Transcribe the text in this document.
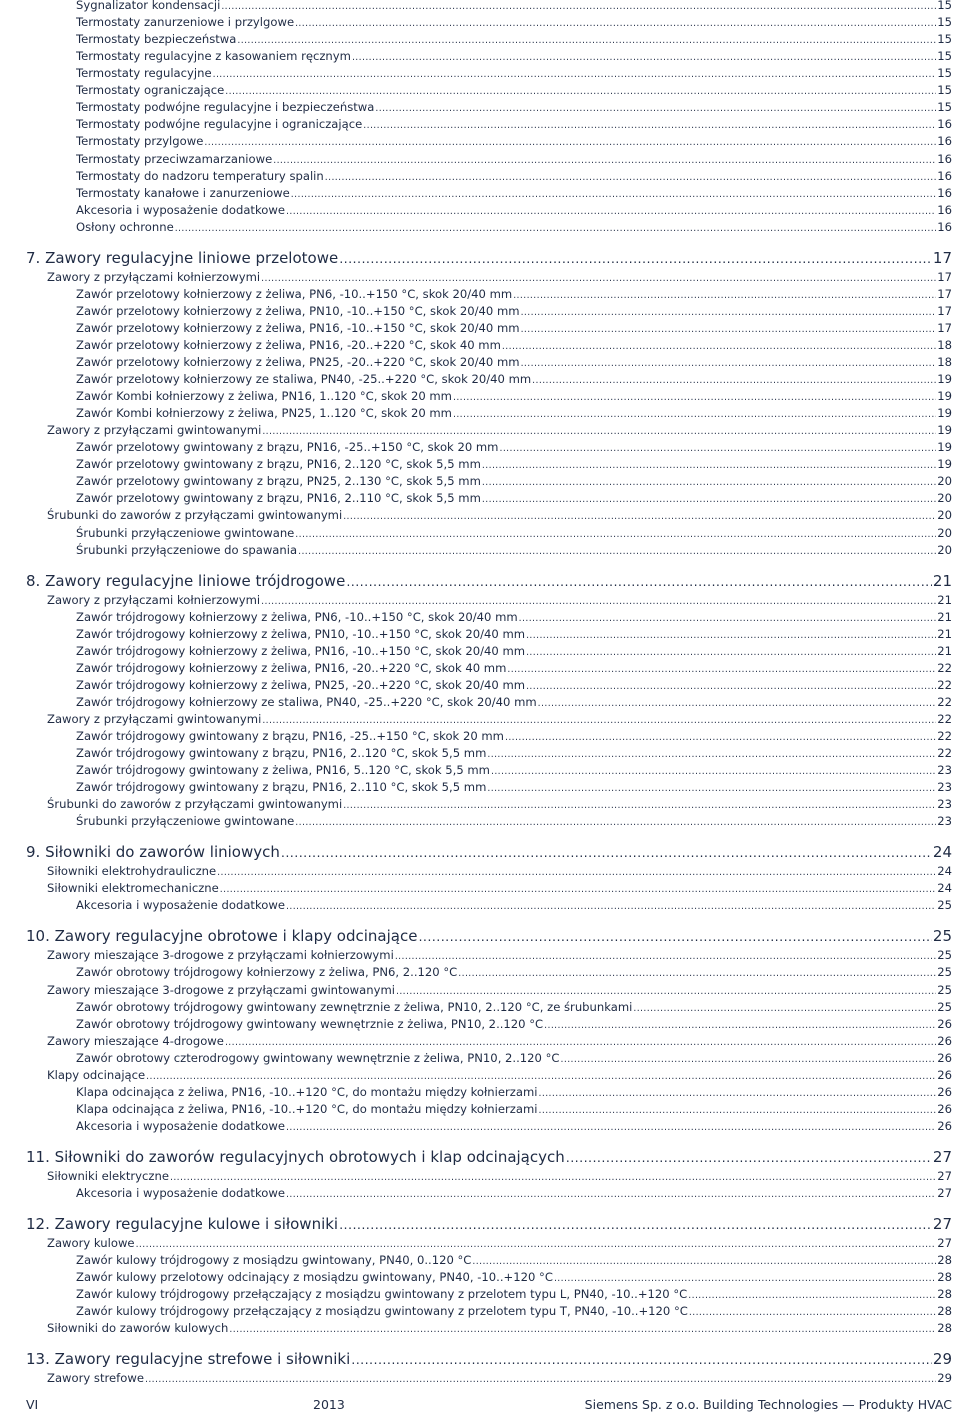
Sygnalizator kondensacji .....	15
Termostaty zanurzeniowe i przylgowe .....	15
Termostaty bezpieczeństwa .....	15
Termostaty regulacyjne z kasowaniem ręcznym .....	15
Termostaty regulacyjne .....	15
Termostaty ograniczające .....	15
Termostaty podwójne regulacyjne i bezpieczeństwa .....	15
Termostaty podwójne regulacyjne i ograniczające .....	16
Termostaty przylgowe .....	16
Termostaty przeciwzamarzaniowe .....	16
Termostaty do nadzoru temperatury spalin .....	16
Termostaty kanałowe i zanurzeniowe .....	16
Akcesoria i wyposażenie dodatkowe .....	16
Osłony ochronne .....	16
7. Zawory regulacyjne liniowe przelotowe .....	17
Zawory z przyłączami kołnierzowymi .....	17
Zawór przelotowy kołnierzowy z żeliwa, PN6, -10..+150 °C, skok 20/40 mm .....	17
Zawór przelotowy kołnierzowy z żeliwa, PN10, -10..+150 °C, skok 20/40 mm .....	17
Zawór przelotowy kołnierzowy z żeliwa, PN16, -10..+150 °C, skok 20/40 mm .....	17
Zawór przelotowy kołnierzowy z żeliwa, PN16, -20..+220 °C, skok 40 mm .....	18
Zawór przelotowy kołnierzowy z żeliwa, PN25, -20..+220 °C, skok 20/40 mm .....	18
Zawór przelotowy kołnierzowy ze staliwa, PN40, -25..+220 °C, skok 20/40 mm .....	19
Zawór Kombi kołnierzowy z żeliwa, PN16, 1..120 °C, skok 20 mm .....	19
Zawór Kombi kołnierzowy z żeliwa, PN25, 1..120 °C, skok 20 mm .....	19
Zawory z przyłączami gwintowanymi .....	19
Zawór przelotowy gwintowany z brązu, PN16, -25..+150 °C, skok 20 mm .....	19
Zawór przelotowy gwintowany z brązu, PN16, 2..120 °C, skok 5,5 mm .....	19
Zawór przelotowy gwintowany z brązu, PN25, 2..130 °C, skok 5,5 mm .....	20
Zawór przelotowy gwintowany z brązu, PN16, 2..110 °C, skok 5,5 mm .....	20
Śrubunki do zaworów z przyłączami gwintowanymi .....	20
Śrubunki przyłączeniowe gwintowane .....	20
Śrubunki przyłączeniowe do spawania .....	20
8. Zawory regulacyjne liniowe trójdrogowe .....	21
Zawory z przyłączami kołnierzowymi .....	21
Zawór trójdrogowy kołnierzowy z żeliwa, PN6, -10..+150 °C, skok 20/40 mm .....	21
Zawór trójdrogowy kołnierzowy z żeliwa, PN10, -10..+150 °C, skok 20/40 mm .....	21
Zawór trójdrogowy kołnierzowy z żeliwa, PN16, -10..+150 °C, skok 20/40 mm .....	21
Zawór trójdrogowy kołnierzowy z żeliwa, PN16, -20..+220 °C, skok 40 mm .....	22
Zawór trójdrogowy kołnierzowy z żeliwa, PN25, -20..+220 °C, skok 20/40 mm .....	22
Zawór trójdrogowy kołnierzowy ze staliwa, PN40, -25..+220 °C, skok 20/40 mm .....	22
Zawory z przyłączami gwintowanymi .....	22
Zawór trójdrogowy gwintowany z brązu, PN16, -25..+150 °C, skok 20 mm .....	22
Zawór trójdrogowy gwintowany z brązu, PN16, 2..120 °C, skok 5,5 mm .....	22
Zawór trójdrogowy gwintowany z żeliwa, PN16, 5..120 °C, skok 5,5 mm .....	23
Zawór trójdrogowy gwintowany z brązu, PN16, 2..110 °C, skok 5,5 mm .....	23
Śrubunki do zaworów z przyłączami gwintowanymi .....	23
Śrubunki przyłączeniowe gwintowane .....	23
9. Siłowniki do zaworów liniowych .....	24
Siłowniki elektrohydrauliczne .....	24
Siłowniki elektromechaniczne .....	24
Akcesoria i wyposażenie dodatkowe .....	25
10. Zawory regulacyjne obrotowe i klapy odcinające .....	25
Zawory mieszające 3-drogowe z przyłączami kołnierzowymi .....	25
Zawór obrotowy trójdrogowy kołnierzowy z żeliwa, PN6, 2..120 °C .....	25
Zawory mieszające 3-drogowe z przyłączami gwintowanymi .....	25
Zawór obrotowy trójdrogowy gwintowany zewnętrznie z żeliwa, PN10, 2..120 °C, ze śrubunkami .....	25
Zawór obrotowy trójdrogowy gwintowany wewnętrznie z żeliwa, PN10, 2..120 °C .....	26
Zawory mieszające 4-drogowe .....	26
Zawór obrotowy czterodrogowy gwintowany wewnętrznie z żeliwa, PN10, 2..120 °C .....	26
Klapy odcinające .....	26
Klapa odcinająca z żeliwa, PN16, -10..+120 °C, do montażu między kołnierzami .....	26
Klapa odcinająca z żeliwa, PN16, -10..+120 °C, do montażu między kołnierzami .....	26
Akcesoria i wyposażenie dodatkowe .....	26
11. Siłowniki do zaworów regulacyjnych obrotowych i klap odcinających .....	27
Siłowniki elektryczne .....	27
Akcesoria i wyposażenie dodatkowe .....	27
12. Zawory regulacyjne kulowe i siłowniki .....	27
Zawory kulowe .....	27
Zawór kulowy trójdrogowy z mosiądzu gwintowany, PN40, 0..120 °C .....	28
Zawór kulowy przelotowy odcinający z mosiądzu gwintowany, PN40, -10..+120 °C .....	28
Zawór kulowy trójdrogowy przełączający z mosiądzu gwintowany z przelotem typu L, PN40, -10..+120 °C .....	28
Zawór kulowy trójdrogowy przełączający z mosiądzu gwintowany z przelotem typu T, PN40, -10..+120 °C .....	28
Siłowniki do zaworów kulowych .....	28
13. Zawory regulacyjne strefowe i siłowniki .....	29
Zawory strefowe .....	29
VI	2013	Siemens Sp. z o.o. Building Technologies — Produkty HVAC
